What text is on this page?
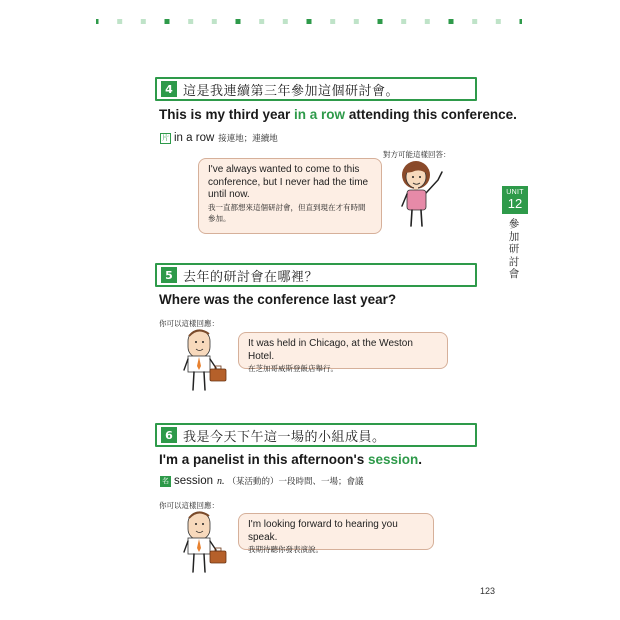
4 這是我連續第三年參加這個研討會。
This is my third year in a row attending this conference.
片 in a row 接連地；連續地
對方可能這樣回答：
I've always wanted to come to this conference, but I never had the time until now.
我一直都想來這個研討會，但直到現在才有時間參加。
5 去年的研討會在哪裡？
Where was the conference last year?
你可以這樣回應：
It was held in Chicago, at the Weston Hotel.
在芝加哥威斯登飯店舉行。
6 我是今天下午這一場的小組成員。
I'm a panelist in this afternoon's session.
名 session n. （某活動的）一段時間、一場；會議
你可以這樣回應：
I'm looking forward to hearing you speak.
我期待聽你發表演說。
UNIT
12
參加研討會
123
